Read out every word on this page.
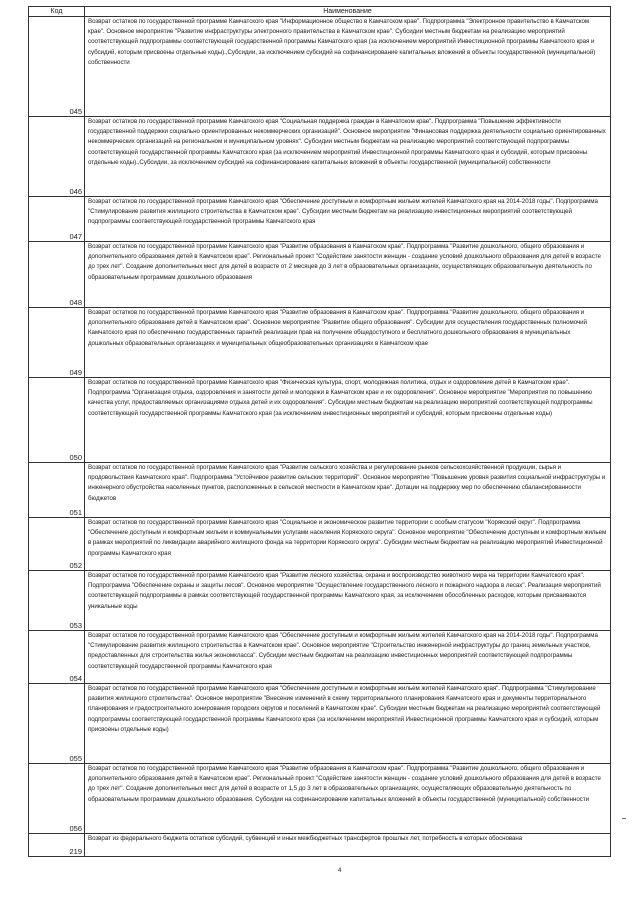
Код	Наименование
045	Возврат остатков по государственной программе Камчатского края "Информационное общество в Камчатском крае". Подпрограмма "Электронное правительство в Камчатском крае". Основное мероприятие "Развитие инфраструктуры электронного правительства в Камчатском крае". Субсидии местным бюджетам на реализацию мероприятий соответствующей подпрограммы соответствующей государственной программы Камчатского края (за исключением мероприятий Инвестиционной программы Камчатского края и субсидий, которым присвоены отдельные коды).,Субсидии, за исключением субсидий на софинансирование капитальных вложений в объекты государственной (муниципальной) собственности
046	Возврат остатков по государственной программе Камчатского края "Социальная поддержка граждан в Камчатском крае". Подпрограмма "Повышение эффективности государственной поддержки социально ориентированных некоммерческих организаций". Основное мероприятие "Финансовая поддержка деятельности социально ориентированных некоммерческих организаций на региональном и муниципальном уровнях". Субсидии местным бюджетам на реализацию мероприятий соответствующей подпрограммы соответствующей государственной программы Камчатского края (за исключением мероприятий Инвестиционной программы Камчатского края и субсидий, которым присвоены отдельные коды).,Субсидии, за исключением субсидий на софинансирование капитальных вложений в объекты государственной (муниципальной) собственности
047	Возврат остатков по государственной программе Камчатского края "Обеспечение доступным и комфортным жильем жителей Камчатского края на 2014-2018 годы". Подпрограмма "Стимулирование развития жилищного строительства в Камчатском крае". Субсидии местным бюджетам на реализацию инвестиционных мероприятий соответствующей подпрограммы соответствующей государственной программы Камчатского края
048	Возврат остатков по государственной программе Камчатского края "Развитие образования в Камчатском крае". Подпрограмма "Развитие дошкольного, общего образования и дополнительного образования детей в Камчатском крае". Региональный проект "Содействие занятости женщин - создание условий дошкольного образования для детей в возрасте до трех лет". Создание дополнительных мест для детей в возрасте от 2 месяцев до 3 лет в образовательных организациях, осуществляющих образовательную деятельность по образовательным программам дошкольного образования
049	Возврат остатков по государственной программе Камчатского края "Развитие образования в Камчатском крае". Подпрограмма "Развитие дошкольного, общего образования и дополнительного образования детей в Камчатском крае". Основное мероприятие "Развитие общего образования". Субсидии для осуществления государственных полномочий Камчатского края по обеспечению государственных гарантий реализации прав на получение общедоступного и бесплатного дошкольного образования в муниципальных дошкольных образовательных организациях и муниципальных общеобразовательных организациях в Камчатском крае
050	Возврат остатков по государственной программе Камчатского края "Физическая культура, спорт, молодежная политика, отдых и оздоровление детей в Камчатском крае". Подпрограмма "Организация отдыха, оздоровления и занятости детей и молодежи в Камчатском крае и их оздоровления". Основное мероприятие "Мероприятия по повышению качества услуг, предоставляемых организациями отдыха детей и их оздоровления". Субсидии местным бюджетам на реализацию мероприятий соответствующей подпрограммы соответствующей государственной программы Камчатского края (за исключением инвестиционных мероприятий и субсидий, которым присвоены отдельные коды)
051	Возврат остатков по государственной программе Камчатского края "Развитие сельского хозяйства и регулирование рынков сельскохозяйственной продукции, сырья и продовольствия Камчатского края". Подпрограмма "Устойчивое развитие сельских территорий". Основное мероприятие "Повышение уровня развития социальной инфраструктуры и инженерного обустройства населенных пунктов, расположенных в сельской местности в Камчатском крае". Дотации на поддержку мер по обеспечению сбалансированности бюджетов
052	Возврат остатков по государственной программе Камчатского края "Социальное и экономическое развитие территории с особым статусом "Корякский округ". Подпрограмма "Обеспечение доступным и комфортным жильем и коммунальными услугами населения Корякского округа". Основное мероприятие "Обеспечение доступным и комфортным жильем в рамках мероприятий по ликвидации аварийного жилищного фонда на территории Корякского округа". Субсидии местным бюджетам на реализацию мероприятий Инвестиционной программы Камчатского края
053	Возврат остатков по государственной программе Камчатского края "Развитие лесного хозяйства, охрана и воспроизводство животного мира на территории Камчатского края". Подпрограмма "Обеспечение охраны и защиты лесов". Основное мероприятие "Осуществление государственного лесного и пожарного надзора в лесах". Реализация мероприятий соответствующей подпрограммы в рамках соответствующей государственной программы Камчатского края, за исключением обособленных расходов, которым присваиваются уникальные коды
054	Возврат остатков по государственной программе Камчатского края "Обеспечение доступным и комфортным жильем жителей Камчатского края на 2014-2018 годы". Подпрограмма "Стимулирование развития жилищного строительства в Камчатском крае". Основное мероприятие "Строительство инженерной инфраструктуры до границ земельных участков, предоставленных для строительства жилья экономкласса". Субсидии местным бюджетам на реализацию инвестиционных мероприятий соответствующей подпрограммы соответствующей государственной программы Камчатского края
055	Возврат остатков по государственной программе Камчатского края "Обеспечение доступным и комфортным жильем жителей Камчатского края". Подпрограмма "Стимулирование развития жилищного строительства". Основное мероприятие "Внесение изменений в схему территориального планирования Камчатского края и документы территориального планирования и градостроительного зонирования городских округов и поселений в Камчатском крае". Субсидии местным бюджетам на реализацию мероприятий соответствующей подпрограммы соответствующей государственной программы Камчатского края (за исключением мероприятий Инвестиционной программы Камчатского края и субсидий, которым присвоены отдельные коды)
056	Возврат остатков по государственной программе Камчатского края "Развитие образования в Камчатском крае". Подпрограмма "Развитие дошкольного, общего образования и дополнительного образования детей в Камчатском крае". Региональный проект "Содействие занятости женщин - создание условий дошкольного образования для детей в возрасте до трех лет". Создание дополнительных мест для детей в возрасте от 1,5 до 3 лет в образовательных организациях, осуществляющих образовательную деятельность по образовательным программам дошкольного образования. Субсидии на софинансирование капитальных вложений в объекты государственной (муниципальной) собственности
219	Возврат из федерального бюджета остатков субсидий, субвенций и иных межбюджетных трансфертов прошлых лет, потребность в которых обоснована
4
